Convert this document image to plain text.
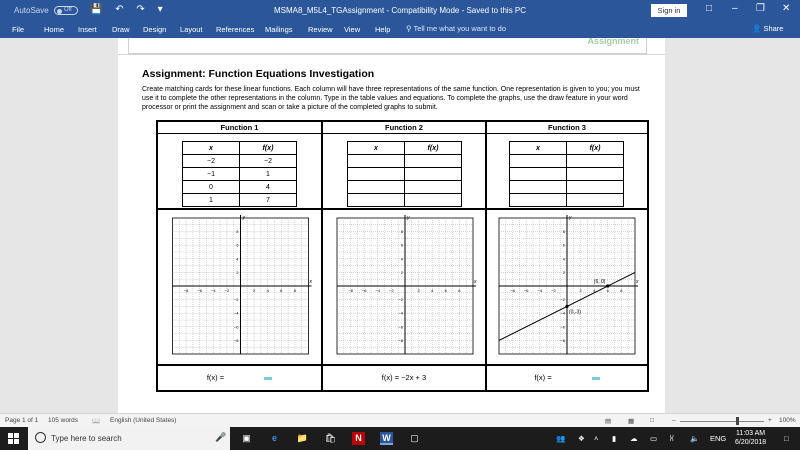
AutoSave	Off	💾 ↶ ↷ ▾	MSMA8_M5L4_TGAssignment - Compatibility Mode - Saved to this PC	Sign in	□ – ❐ ✕
File	Home Insert Draw Design Layout References Mailings Review View Help ⚲ Tell me what you want to do	👤 Share
Assignment
Assignment: Function Equations Investigation
Create matching cards for these linear functions. Each column will have three representations of the same function. One representation is given to you; you must use it to complete the other representations in the column. Type in the table values and equations. To complete the graphs, use the draw feature in your word processor or print the assignment and scan or take a picture of the completed graphs to submit.
Function 1
x	f(x)
−2	−2
−1	1
0	4
1	7
x
y
−8 −6 −4 −2	2	4	6	8
8
6
4
2
−2
−4
−6
−8
f(x) =
Function 2
x	f(x)

x
y
−8 −6 −4 −2	2	4	6	8
8
6
4
2
−2
−4
−6
−8
f(x) = −2x + 3
Function 3
x	f(x)

x
y
−8 −6 −4 −2	2	4	6	8
8
6
4
2
−2
−4
−6
−8
(6, 0)
(0,-3)
f(x) =
Page 1 of 1 105 words 📖 English (United States)	▤	▦ □	–	+ 100%
Type here to search	🎤 ▣	e	📁 🛍	N	W ▢	👥 ❖ ˄ ▮ ☁ ▭ ⩆ 🔈 ENG
11:03 AM
6/20/2018 □
